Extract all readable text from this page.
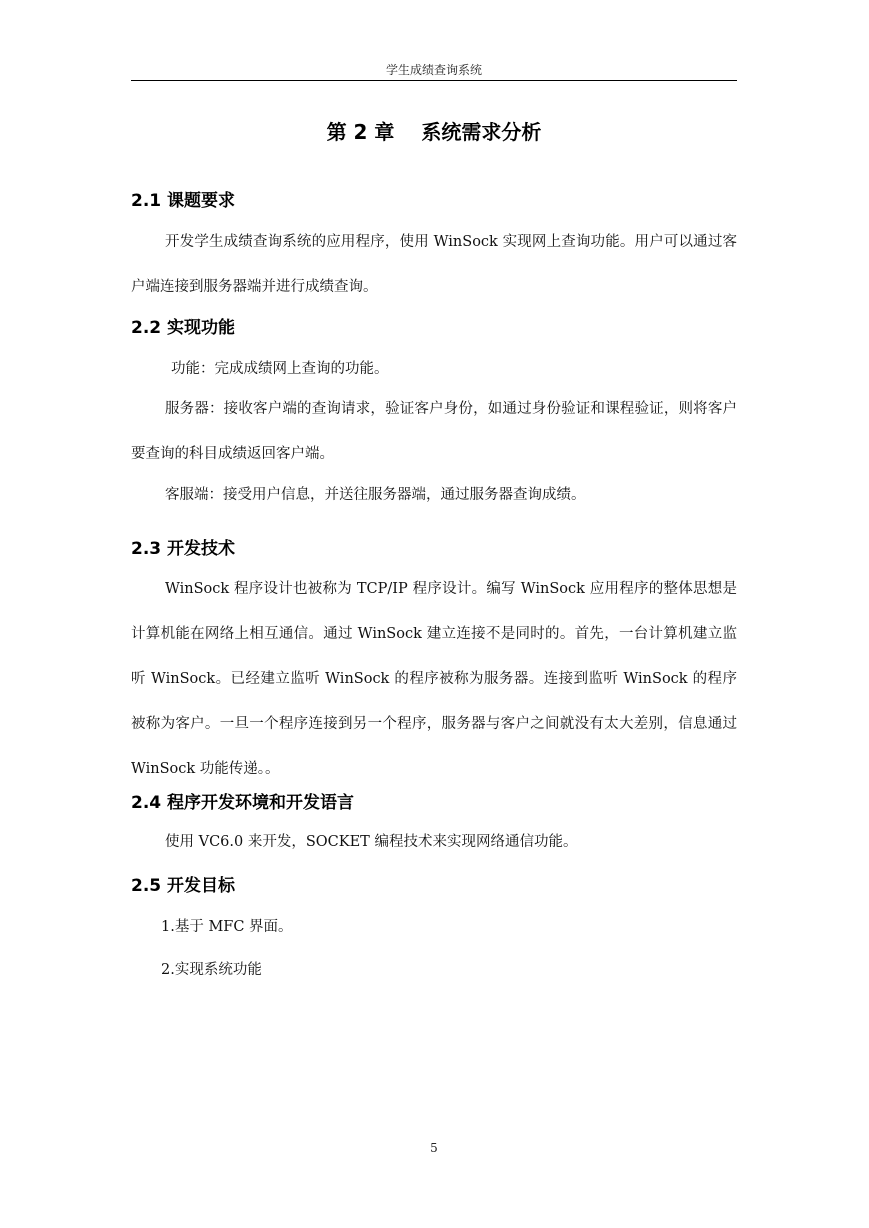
学生成绩查询系统
第 2 章　 系统需求分析
2.1 课题要求
开发学生成绩查询系统的应用程序，使用 WinSock 实现网上查询功能。用户可以通过客户端连接到服务器端并进行成绩查询。
2.2 实现功能
功能：完成成绩网上查询的功能。
服务器：接收客户端的查询请求，验证客户身份，如通过身份验证和课程验证，则将客户要查询的科目成绩返回客户端。
客服端：接受用户信息，并送往服务器端，通过服务器查询成绩。
2.3 开发技术
WinSock 程序设计也被称为 TCP/IP 程序设计。编写 WinSock 应用程序的整体思想是计算机能在网络上相互通信。通过 WinSock 建立连接不是同时的。首先，一台计算机建立监听 WinSock。已经建立监听 WinSock 的程序被称为服务器。连接到监听 WinSock 的程序被称为客户。一旦一个程序连接到另一个程序，服务器与客户之间就没有太大差别，信息通过 WinSock 功能传递。。
2.4 程序开发环境和开发语言
使用 VC6.0 来开发，SOCKET 编程技术来实现网络通信功能。
2.5 开发目标
1.基于 MFC 界面。
2.实现系统功能
5
